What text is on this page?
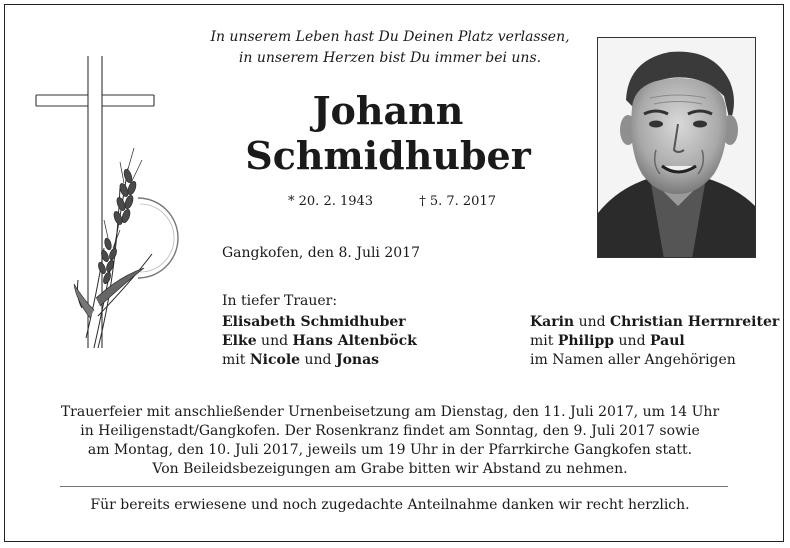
In unserem Leben hast Du Deinen Platz verlassen,
in unserem Herzen bist Du immer bei uns.
Johann
Schmidhuber
* 20. 2. 1943	† 5. 7. 2017
Gangkofen, den 8. Juli 2017
In tiefer Trauer:
Elisabeth Schmidhuber
Elke und Hans Altenböck
mit Nicole und Jonas
Karin und Christian Herrnreiter
mit Philipp und Paul
im Namen aller Angehörigen
Trauerfeier mit anschließender Urnenbeisetzung am Dienstag, den 11. Juli 2017, um 14 Uhr
in Heiligenstadt/Gangkofen. Der Rosenkranz findet am Sonntag, den 9. Juli 2017 sowie
am Montag, den 10. Juli 2017, jeweils um 19 Uhr in der Pfarrkirche Gangkofen statt.
Von Beileidsbezeigungen am Grabe bitten wir Abstand zu nehmen.
Für bereits erwiesene und noch zugedachte Anteilnahme danken wir recht herzlich.
